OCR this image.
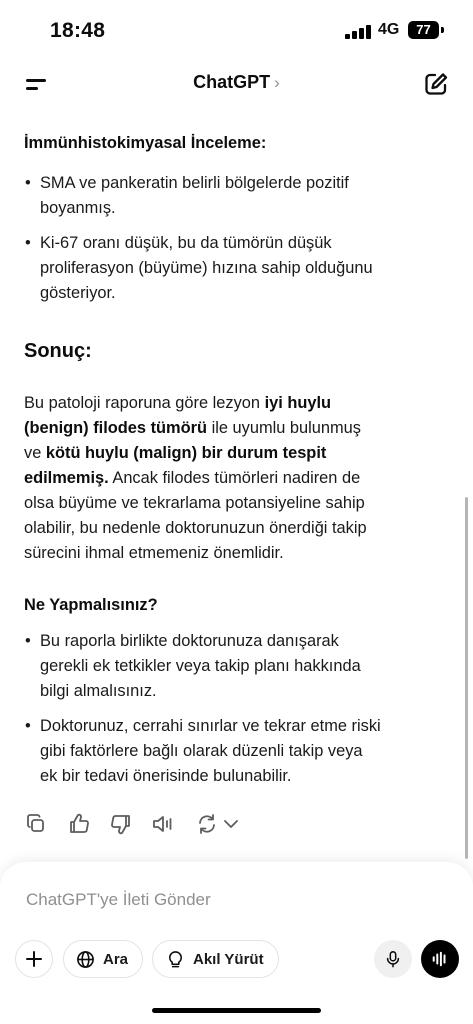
18:48	4G	77
ChatGPT ›
İmmünhistokimyasal İnceleme:
• SMA ve pankeratin belirli bölgelerde pozitif
boyanmış.
• Ki-67 oranı düşük, bu da tümörün düşük
proliferasyon (büyüme) hızına sahip olduğunu
gösteriyor.
Sonuç:

Bu patoloji raporuna göre lezyon iyi huylu
(benign) filodes tümörü ile uyumlu bulunmuş
ve kötü huylu (malign) bir durum tespit
edilmemiş. Ancak filodes tümörleri nadiren de
olsa büyüme ve tekrarlama potansiyeline sahip
olabilir, bu nedenle doktorunuzun önerdiği takip
sürecini ihmal etmemeniz önemlidir.

Ne Yapmalısınız?
• Bu raporla birlikte doktorunuza danışarak
gerekli ek tetkikler veya takip planı hakkında
bilgi almalısınız.
• Doktorunuz, cerrahi sınırlar ve tekrar etme riski
gibi faktörlere bağlı olarak düzenli takip veya
ek bir tedavi önerisinde bulunabilir.
ChatGPT'ye İleti Gönder
Ara	Akıl Yürüt
